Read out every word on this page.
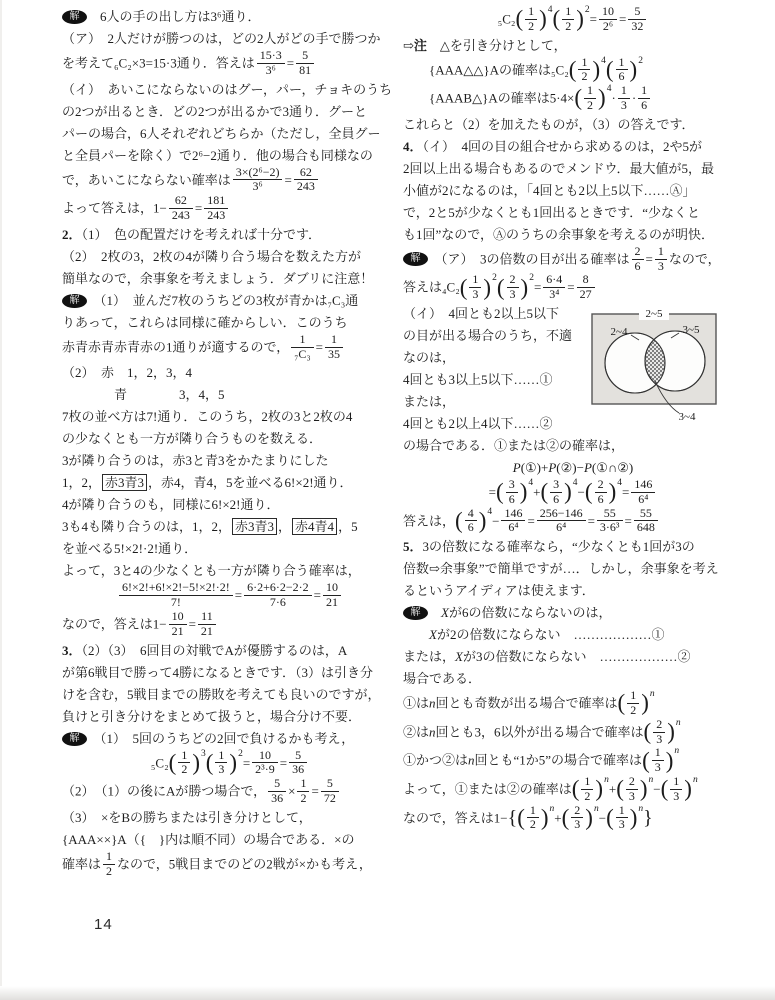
解　6人の手の出し方は3⁶通り．
（ア）　2人だけが勝つのは，どの2人がどの手で勝つか
を考えて₆C₂×3=15·3通り．答えは $\frac{15\cdot 3}{\text{3⁶}} = \frac{5}{81}$
（イ）　あいこにならないのはグー，パー，チョキのうち
の2つが出るとき．どの2つが出るかで3通り．グーと
パーの場合，6人それぞれどちらか（ただし，全員グー
と全員パーを除く）で2⁶−2通り．他の場合も同様なの
で，あいこにならない確率は $\frac{\text{3×(2⁶−2)}}{\text{3⁶}} = \frac{62}{243}$
よって答えは，$1- \frac{62}{243} = \frac{181}{243}$
2．（1）　色の配置だけを考えれば十分です．
（2）　2枚の3，2枚の4が隣り合う場合を数えた方が
簡単なので，余事象を考えましょう．ダブリに注意！
解　（1）　並んだ7枚のうちどの3枚が青かは₇C₃通
りあって，これらは同様に確からしい．このうち
赤青赤青赤青赤の1通りが適するので， $\frac{1}{\text{₇C₃}} = \frac{1}{35}$
（2）　赤　1，2，3，4
　　　　青　　　　3，4，5
7枚の並べ方は7!通り．このうち，2枚の3と2枚の4
の少なくとも一方が隣り合うものを数える．
3が隣り合うのは，赤3と青3をかたまりにした
1，2， 赤3青3 ，赤4，青4，5を並べる6!×2!通り．
4が隣り合うのも，同様に6!×2!通り．
3も4も隣り合うのは，1，2， 赤3青3 ， 赤4青4 ，5
を並べる5!×2!·2!通り．
よって，3と4の少なくとも一方が隣り合う確率は，
$\frac{6!\times 2!+6!\times 2!-5!\times 2!\cdot 2!}{7!} = \frac{6\cdot 2+6\cdot 2-2\cdot 2}{7\cdot 6} = \frac{10}{21}$
なので，答えは$1- \frac{10}{21} = \frac{11}{21}$
3．（2）（3）　6回目の対戦でAが優勝するのは，A
が第6戦目で勝って4勝になるときです．（3）は引き分
けを含む，5戦目までの勝敗を考えても良いのですが，
負けと引き分けをまとめて扱うと，場合分け不要．
解　（1）　5回のうちどの2回で負けるかも考え，
$_5C_2( \frac{1}{2} )3( \frac{1}{3} )2= \frac{10}{\text{2³·9}} = \frac{5}{36}$
（2）　（1）の後にAが勝つ場合で， $\frac{5}{36} \times \frac{1}{2} = \frac{5}{72}$
（3）　×をBの勝ちまたは引き分けとして，
{AAA××}A（{　}内は順不同）の場合である．×の
確率は $\frac{1}{2}$ なので，5戦目までのどの2戦が×かも考え，
$_5C_2( \frac{1}{2} )4( \frac{1}{2} )2= \frac{10}{\text{2⁶}} = \frac{5}{32}$
⇨注　△を引き分けとして，
　　{AAA△△}Aの確率は$_5C_2( \frac{1}{2} )4( \frac{1}{6} )2$
　　{AAAB△}Aの確率は$5\cdot 4\times( \frac{1}{2} )4\cdot \frac{1}{3} \cdot \frac{1}{6}$
これらと（2）を加えたものが，（3）の答えです．
4．（イ）　4回の目の組合せから求めるのは，2や5が
2回以上出る場合もあるのでメンドウ．最大値が5，最
小値が2になるのは，「4回とも2以上5以下……Ⓐ」
で，2と5が少なくとも1回出るときです．“少なくと
も1回”なので，Ⓐのうちの余事象を考えるのが明快．
解　（ア）　3の倍数の目が出る確率は $\frac{2}{6} = \frac{1}{3}$ なので，
答えは$_4C_2( \frac{1}{3} )2( \frac{2}{3} )2= \frac{6\cdot 4}{\text{3⁴}} = \frac{8}{27}$
（イ）　4回とも2以上5以下
の目が出る場合のうち，不適
なのは，
4回とも3以上5以下……①
または，
4回とも2以上4以下……②
2~5
2~4	3~5
3~4
の場合である．①または②の確率は，
P(①)+P(②)−P(①∩②)
=( $\frac{3}{6} )4+( \frac{3}{6} )4-( \frac{2}{6} )4= \frac{146}{\text{6⁴}}$
答えは，( $\frac{4}{6} )4- \frac{146}{\text{6⁴}} = \frac{256-146}{\text{6⁴}} = \frac{55}{\text{3·6³}} = \frac{55}{648}$
5．3の倍数になる確率なら，“少なくとも1回が3の
倍数⇨余事象”で簡単ですが…．しかし，余事象を考え
るというアイディアは使えます．
解　 Xが6の倍数にならないのは，
　　Xが2の倍数にならない　………………①
または，Xが3の倍数にならない　………………②
場合である．
①はn回とも奇数が出る場合で確率は( $\frac{1}{2} )n$
②はn回とも3，6以外が出る場合で確率は( $\frac{2}{3} )n$
①かつ②はn回とも“1か5”の場合で確率は( $\frac{1}{3} )n$
よって，①または②の確率は( $\frac{1}{2} )n+( \frac{2}{3} )n-( \frac{1}{3} )n$
なので，答えは$1-\{( \frac{1}{2} )n+( \frac{2}{3} )n-( \frac{1}{3} )n\}$
14
